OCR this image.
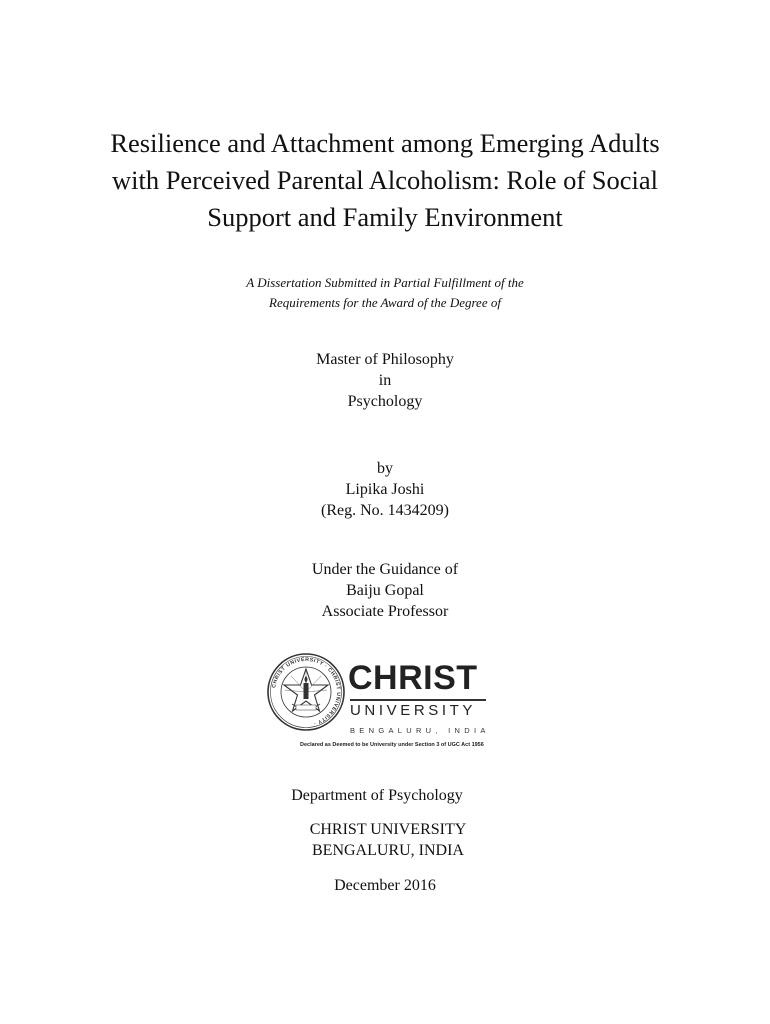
Resilience and Attachment among Emerging Adults
with Perceived Parental Alcoholism: Role of Social
Support and Family Environment
A Dissertation Submitted in Partial Fulfillment of the
Requirements for the Award of the Degree of
Master of Philosophy
in
Psychology
by
Lipika Joshi
(Reg. No. 1434209)
Under the Guidance of
Baiju Gopal
Associate Professor
CHRIST UNIVERSITY · CHRIST UNIVERSITY ·
CHRIST
UNIVERSITY
BENGALURU, INDIA
Declared as Deemed to be University under Section 3 of UGC Act 1956
Department of Psychology
CHRIST UNIVERSITY
BENGALURU, INDIA
December 2016
